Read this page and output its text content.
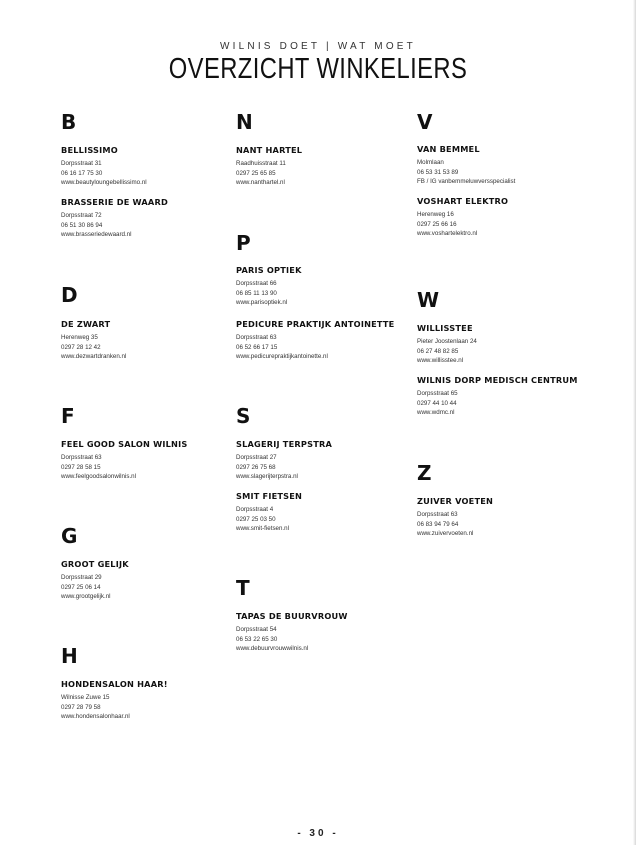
WILNIS DOET | WAT MOET
OVERZICHT WINKELIERS
B
BELLISSIMO
Dorpsstraat 31
06 16 17 75 30
www.beautyloungebellissimo.nl
BRASSERIE DE WAARD
Dorpsstraat 72
06 51 30 86 94
www.brasseriedewaard.nl
D
DE ZWART
Herenweg 35
0297 28 12 42
www.dezwartdranken.nl
F
FEEL GOOD SALON WILNIS
Dorpsstraat 63
0297 28 58 15
www.feelgoodsalonwilnis.nl
G
GROOT GELIJK
Dorpsstraat 29
0297 25 06 14
www.grootgelijk.nl
H
HONDENSALON HAAR!
Wilnisse Zuwe 15
0297 28 79 58
www.hondensalonhaar.nl
N
NANT HARTEL
Raadhuisstraat 11
0297 25 65 85
www.nanthartel.nl
P
PARIS OPTIEK
Dorpsstraat 66
06 85 11 13 90
www.parisoptiek.nl
PEDICURE PRAKTIJK ANTOINETTE
Dorpsstraat 63
06 52 66 17 15
www.pedicurepraktijkantoinette.nl
S
SLAGERIJ TERPSTRA
Dorpsstraat 27
0297 26 75 68
www.slagerijterpstra.nl
SMIT FIETSEN
Dorpsstraat 4
0297 25 03 50
www.smit-fietsen.nl
T
TAPAS DE BUURVROUW
Dorpsstraat 54
06 53 22 65 30
www.debuurvrouwwilnis.nl
V
VAN BEMMEL
Molmlaan
06 53 31 53 89
FB / IG vanbemmeluwversspecialist
VOSHART ELEKTRO
Herenweg 16
0297 25 66 16
www.voshartelektro.nl
W
WILLISSTEE
Pieter Joostenlaan 24
06 27 48 82 85
www.willisstee.nl
WILNIS DORP MEDISCH CENTRUM
Dorpsstraat 65
0297 44 10 44
www.wdmc.nl
Z
ZUIVER VOETEN
Dorpsstraat 63
06 83 94 79 64
www.zuivervoeten.nl
- 30 -
